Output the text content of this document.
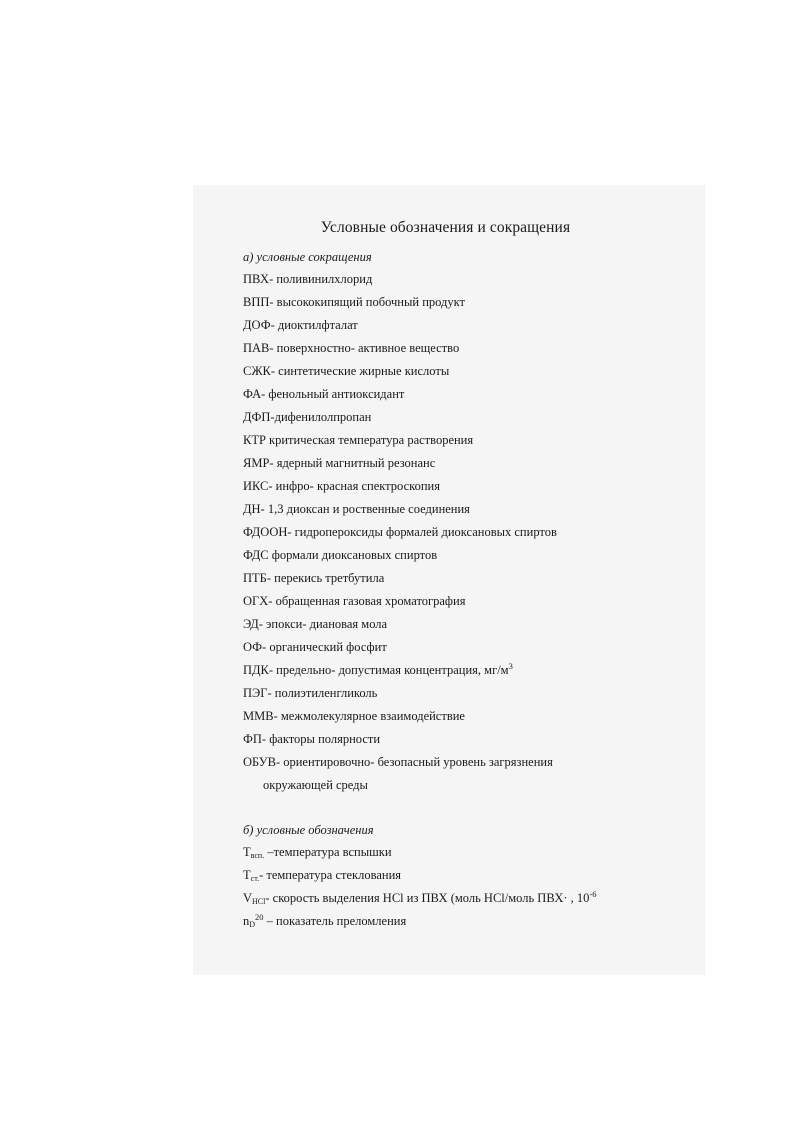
Условные обозначения и сокращения
а) условные сокращения
ПВХ- поливинилхлорид
ВПП- высококипящий побочный продукт
ДОФ- диоктилфталат
ПАВ- поверхностно- активное вещество
СЖК- синтетические жирные кислоты
ФА- фенольный антиоксидант
ДФП-дифенилолпропан
КТР критическая температура растворения
ЯМР- ядерный магнитный резонанс
ИКС- инфро- красная спектроскопия
ДН- 1,3 диоксан и роственные соединения
ФДООН- гидропероксиды формалей диоксановых спиртов
ФДС формали диоксановых спиртов
ПТБ- перекись третбутила
ОГХ- обращенная газовая хроматография
ЭД- эпокси- диановая мола
ОФ- органический фосфит
ПДК- предельно- допустимая концентрация, $мг/м^3$
ПЭГ- полиэтиленгликоль
ММВ- межмолекулярное взаимодействие
ФП- факторы полярности
ОБУВ- ориентировочно- безопасный уровень загрязнения
окружающей среды
б) условные обозначения
$T_{всп.}$ –температура вспышки
$T_{ст.}-$ температура стеклования
$V_{HCl}-$ скорость выделения HCl из ПВХ (моль HCl/моль ПВХ· , $10^{-6}$
$n_D^{20}$ – показатель преломления
